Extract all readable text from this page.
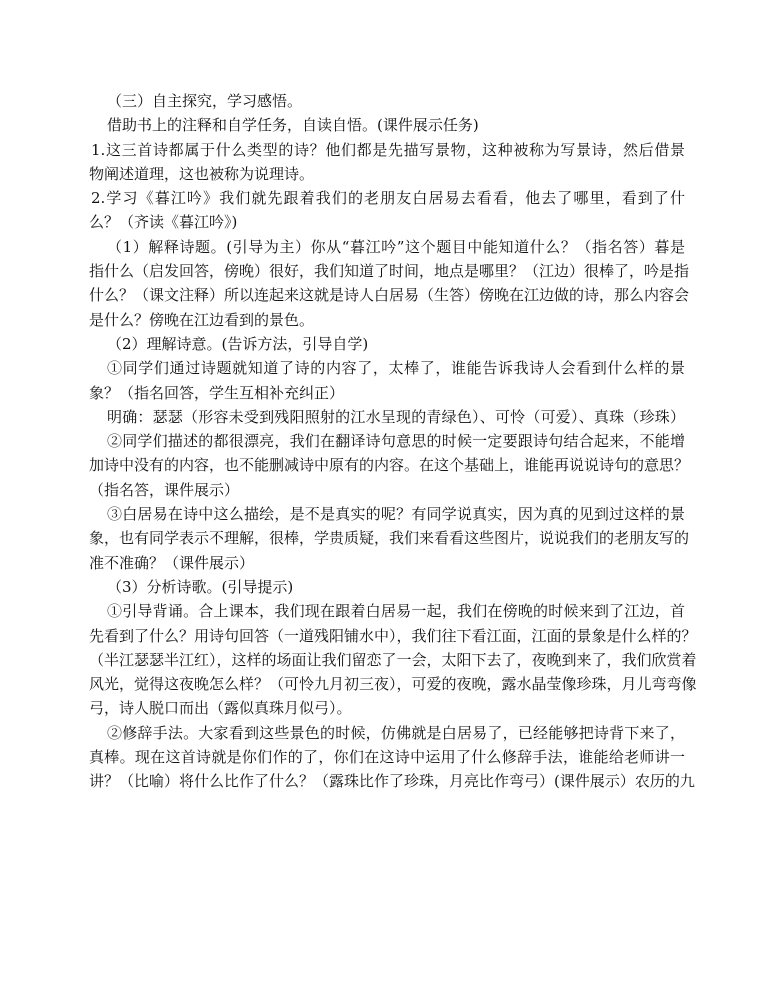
（三）自主探究，学习感悟。
借助书上的注释和自学任务，自读自悟。(课件展示任务)
1.这三首诗都属于什么类型的诗？他们都是先描写景物，这种被称为写景诗，然后借景
物阐述道理，这也被称为说理诗。
2.学习《暮江吟》我们就先跟着我们的老朋友白居易去看看，他去了哪里，看到了什
么？（齐读《暮江吟》)
（1）解释诗题。(引导为主）你从“暮江吟”这个题目中能知道什么？（指名答）暮是
指什么（启发回答，傍晚）很好，我们知道了时间，地点是哪里？（江边）很棒了，吟是指
什么？（课文注释）所以连起来这就是诗人白居易（生答）傍晚在江边做的诗，那么内容会
是什么？傍晚在江边看到的景色。
（2）理解诗意。(告诉方法，引导自学)
①同学们通过诗题就知道了诗的内容了，太棒了，谁能告诉我诗人会看到什么样的景
象？（指名回答，学生互相补充纠正）
明确：瑟瑟（形容未受到残阳照射的江水呈现的青绿色）、可怜（可爱）、真珠（珍珠）
②同学们描述的都很漂亮，我们在翻译诗句意思的时候一定要跟诗句结合起来，不能增
加诗中没有的内容，也不能删减诗中原有的内容。在这个基础上，谁能再说说诗句的意思？
（指名答，课件展示）
③白居易在诗中这么描绘，是不是真实的呢？有同学说真实，因为真的见到过这样的景
象，也有同学表示不理解，很棒，学贵质疑，我们来看看这些图片，说说我们的老朋友写的
准不准确？（课件展示）
（3）分析诗歌。(引导提示)
①引导背诵。合上课本，我们现在跟着白居易一起，我们在傍晚的时候来到了江边，首
先看到了什么？用诗句回答（一道残阳铺水中），我们往下看江面，江面的景象是什么样的？
（半江瑟瑟半江红），这样的场面让我们留恋了一会，太阳下去了，夜晚到来了，我们欣赏着
风光，觉得这夜晚怎么样？（可怜九月初三夜），可爱的夜晚，露水晶莹像珍珠，月儿弯弯像
弓，诗人脱口而出（露似真珠月似弓）。
②修辞手法。大家看到这些景色的时候，仿佛就是白居易了，已经能够把诗背下来了，
真棒。现在这首诗就是你们作的了，你们在这诗中运用了什么修辞手法，谁能给老师讲一
讲？（比喻）将什么比作了什么？（露珠比作了珍珠，月亮比作弯弓）(课件展示）农历的九
